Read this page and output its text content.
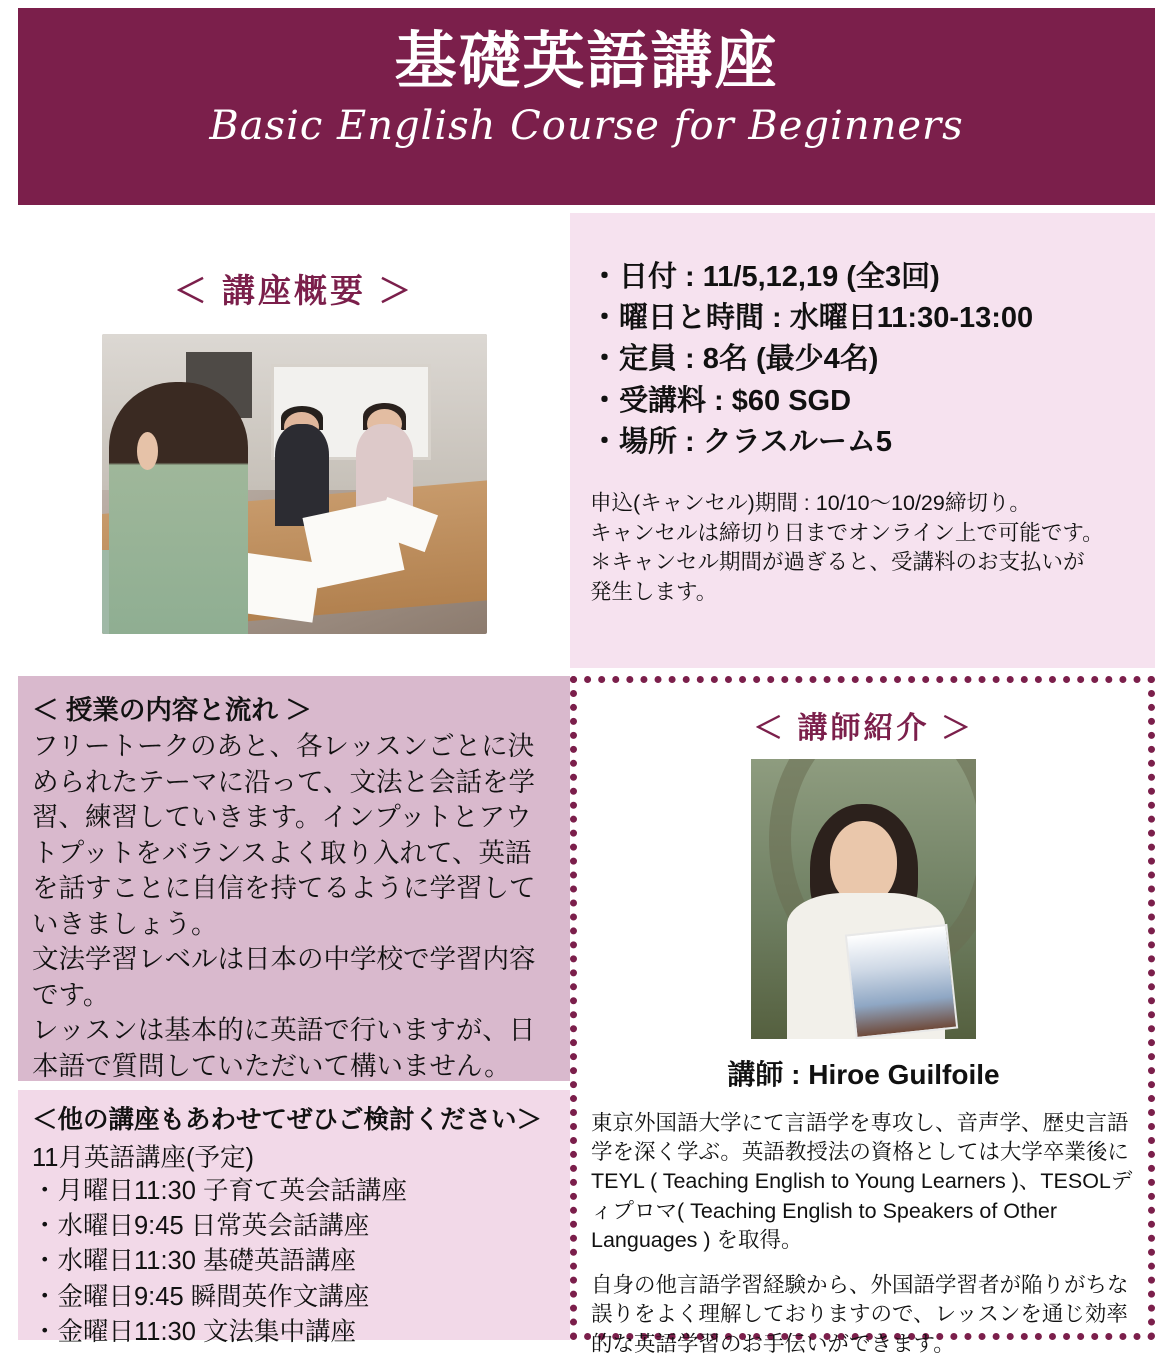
基礎英語講座
Basic English Course for Beginners
＜ 講座概要 ＞	・日付 : 11/5,12,19 (全3回)
・曜日と時間 : 水曜日11:30-13:00
・定員 : 8名 (最少4名)
・受講料 : $60 SGD
・場所 : クラスルーム5
申込(キャンセル)期間 : 10/10〜10/29締切り。
キャンセルは締切り日までオンライン上で可能です。
＊キャンセル期間が過ぎると、受講料のお支払いが
発生します。
＜ 授業の内容と流れ ＞
フリートークのあと、各レッスンごとに決められたテーマに沿って、文法と会話を学習、練習していきます。インプットとアウトプットをバランスよく取り入れて、英語を話すことに自信を持てるように学習していきましょう。
文法学習レベルは日本の中学校で学習内容です。
レッスンは基本的に英語で行いますが、日本語で質問していただいて構いません。
＜他の講座もあわせてぜひご検討ください＞
11月英語講座(予定)
・月曜日11:30 子育て英会話講座
・水曜日9:45 日常英会話講座
・水曜日11:30 基礎英語講座
・金曜日9:45 瞬間英作文講座
・金曜日11:30 文法集中講座
＜ 講師紹介 ＞
講師 : Hiroe Guilfoile
東京外国語大学にて言語学を専攻し、音声学、歴史言語学を深く学ぶ。英語教授法の資格としては大学卒業後にTEYL ( Teaching English to Young Learners )、TESOLディプロマ( Teaching English to Speakers of Other Languages ) を取得。
自身の他言語学習経験から、外国語学習者が陥りがちな誤りをよく理解しておりますので、レッスンを通じ効率的な英語学習のお手伝いができます。
